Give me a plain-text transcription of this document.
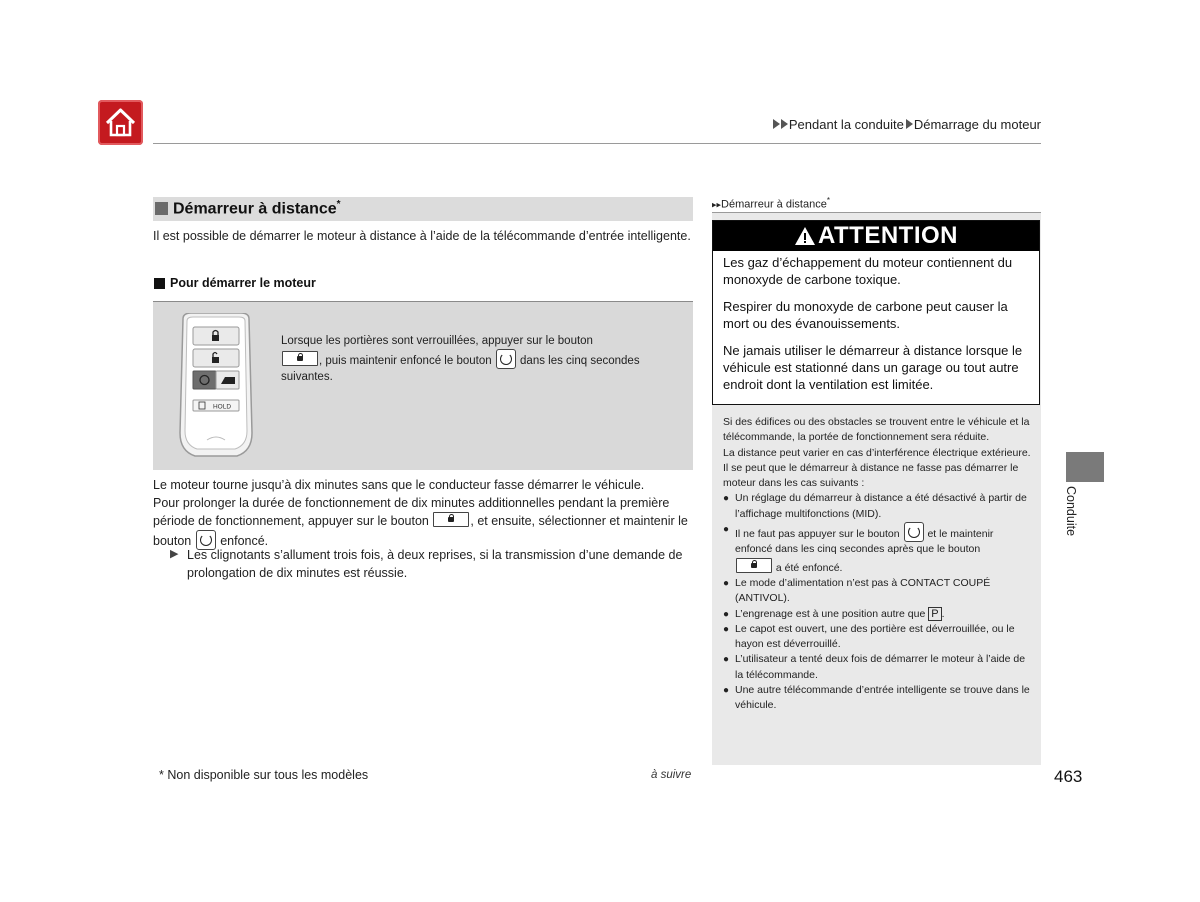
Pendant la conduite Démarrage du moteur
Démarreur à distance*
Il est possible de démarrer le moteur à distance à l’aide de la télécommande d’entrée intelligente.
Pour démarrer le moteur
HOLD
Lorsque les portières sont verrouillées, appuyer sur le bouton
, puis maintenir enfoncé le bouton dans les cinq secondes suivantes.
Le moteur tourne jusqu’à dix minutes sans que le conducteur fasse démarrer le véhicule.
Pour prolonger la durée de fonctionnement de dix minutes additionnelles pendant la première période de fonctionnement, appuyer sur le bouton	, et ensuite, sélectionner et maintenir le bouton enfoncé.
▶ Les clignotants s’allument trois fois, à deux reprises, si la transmission d’une demande de prolongation de dix minutes est réussie.
▸▸Démarreur à distance*
ATTENTION
Les gaz d’échappement du moteur contiennent du monoxyde de carbone toxique.
Respirer du monoxyde de carbone peut causer la mort ou des évanouissements.
Ne jamais utiliser le démarreur à distance lorsque le véhicule est stationné dans un garage ou tout autre endroit dont la ventilation est limitée.
Si des édifices ou des obstacles se trouvent entre le véhicule et la télécommande, la portée de fonctionnement sera réduite.
La distance peut varier en cas d’interférence électrique extérieure.
Il se peut que le démarreur à distance ne fasse pas démarrer le moteur dans les cas suivants :
● Un réglage du démarreur à distance a été désactivé à partir de l’affichage multifonctions (MID).
● Il ne faut pas appuyer sur le bouton	et le maintenir enfoncé dans les cinq secondes après que le bouton
a été enfoncé.
● Le mode d’alimentation n’est pas à CONTACT COUPÉ (ANTIVOL).
● L’engrenage est à une position autre que P .
● Le capot est ouvert, une des portière est déverrouillée, ou le hayon est déverrouillé.
● L’utilisateur a tenté deux fois de démarrer le moteur à l’aide de la télécommande.
● Une autre télécommande d’entrée intelligente se trouve dans le véhicule.
Conduite
* Non disponible sur tous les modèles	à suivre	463
